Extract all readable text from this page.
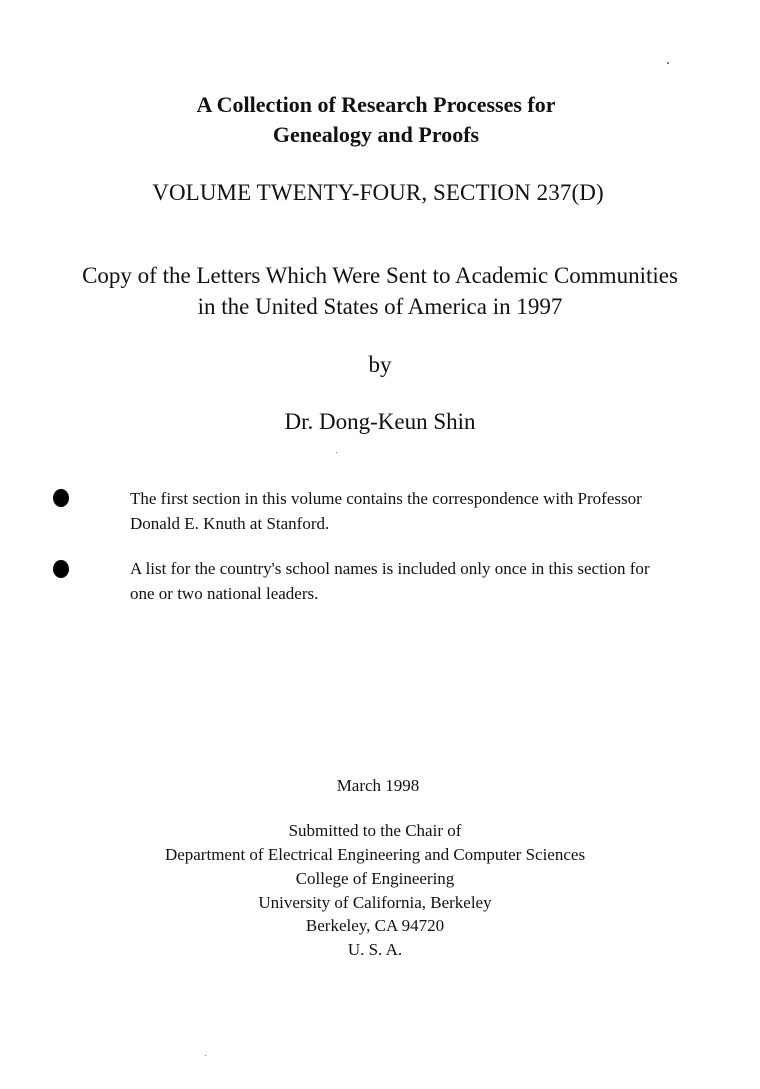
A Collection of Research Processes for
Genealogy and Proofs
VOLUME TWENTY-FOUR, SECTION 237(D)
Copy of the Letters Which Were Sent to Academic Communities
in the United States of America in 1997
by
Dr. Dong-Keun Shin
The first section in this volume contains the correspondence with Professor
Donald E. Knuth at Stanford.
A list for the country's school names is included only once in this section for
one or two national leaders.
March 1998
Submitted to the Chair of
Department of Electrical Engineering and Computer Sciences
College of Engineering
University of California, Berkeley
Berkeley, CA 94720
U. S. A.
